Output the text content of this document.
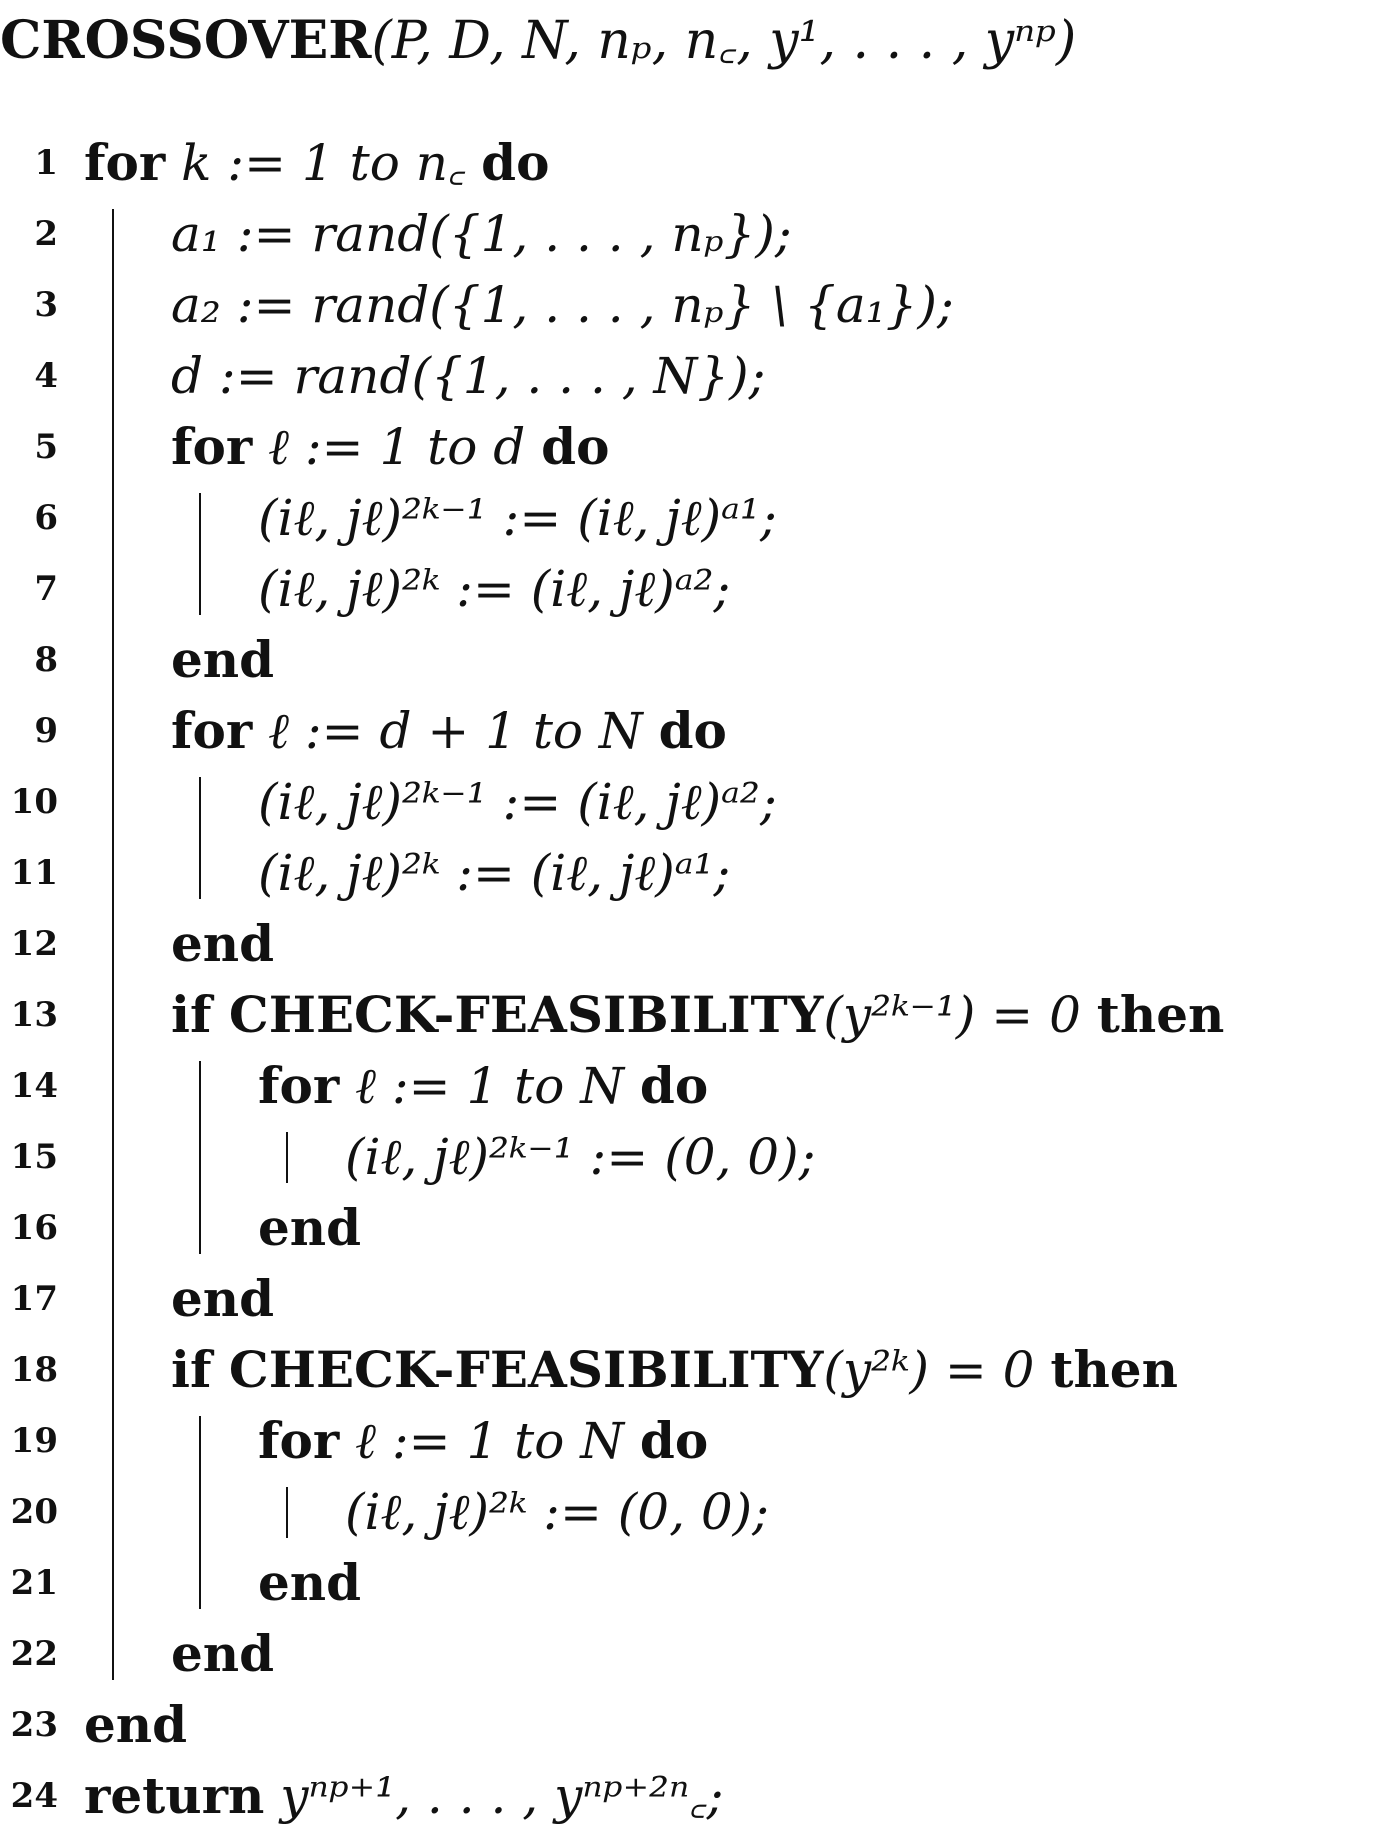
CROSSOVER(P, D, N, nₚ, n꜀, y¹, . . . , yⁿᵖ)
1 for k := 1 to n꜀ do
2 a₁ := rand({1, . . . , nₚ});
3 a₂ := rand({1, . . . , nₚ} \ {a₁});
4 d := rand({1, . . . , N});
5 for ℓ := 1 to d do
6	(iℓ, jℓ)²ᵏ⁻¹ := (iℓ, jℓ)ᵃ¹;
7	(iℓ, jℓ)²ᵏ := (iℓ, jℓ)ᵃ²;
8 end
9 for ℓ := d + 1 to N do
10	(iℓ, jℓ)²ᵏ⁻¹ := (iℓ, jℓ)ᵃ²;
11	(iℓ, jℓ)²ᵏ := (iℓ, jℓ)ᵃ¹;
12 end
13 if CHECK-FEASIBILITY(y²ᵏ⁻¹) = 0 then
14	for ℓ := 1 to N do
15	(iℓ, jℓ)²ᵏ⁻¹ := (0, 0);
16	end
17 end
18 if CHECK-FEASIBILITY(y²ᵏ) = 0 then
19	for ℓ := 1 to N do
20	(iℓ, jℓ)²ᵏ := (0, 0);
21	end
22 end
23 end
24 return yⁿᵖ⁺¹, . . . , yⁿᵖ⁺²ⁿ꜀;
